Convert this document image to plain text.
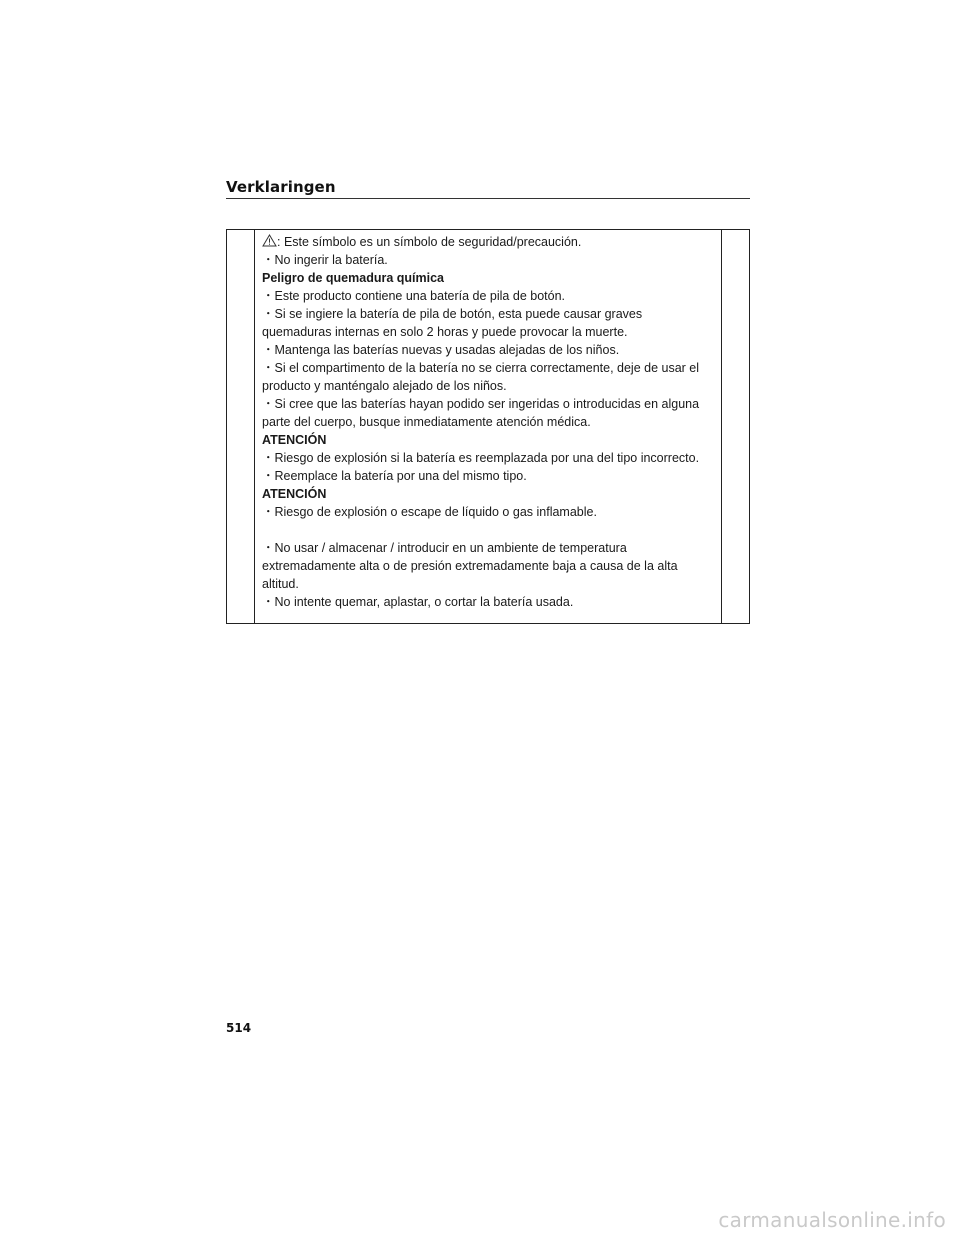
Verklaringen
: Este símbolo es un símbolo de seguridad/precaución.
・No ingerir la batería.
Peligro de quemadura química
・Este producto contiene una batería de pila de botón.
・Si se ingiere la batería de pila de botón, esta puede causar graves
quemaduras internas en solo 2 horas y puede provocar la muerte.
・Mantenga las baterías nuevas y usadas alejadas de los niños.
・Si el compartimento de la batería no se cierra correctamente, deje de usar el
producto y manténgalo alejado de los niños.
・Si cree que las baterías hayan podido ser ingeridas o introducidas en alguna
parte del cuerpo, busque inmediatamente atención médica.
ATENCIÓN
・Riesgo de explosión si la batería es reemplazada por una del tipo incorrecto.
・Reemplace la batería por una del mismo tipo.
ATENCIÓN
・Riesgo de explosión o escape de líquido o gas inflamable.
・No usar / almacenar / introducir en un ambiente de temperatura
extremadamente alta o de presión extremadamente baja a causa de la alta
altitud.
・No intente quemar, aplastar, o cortar la batería usada.
514
carmanualsonline.info
